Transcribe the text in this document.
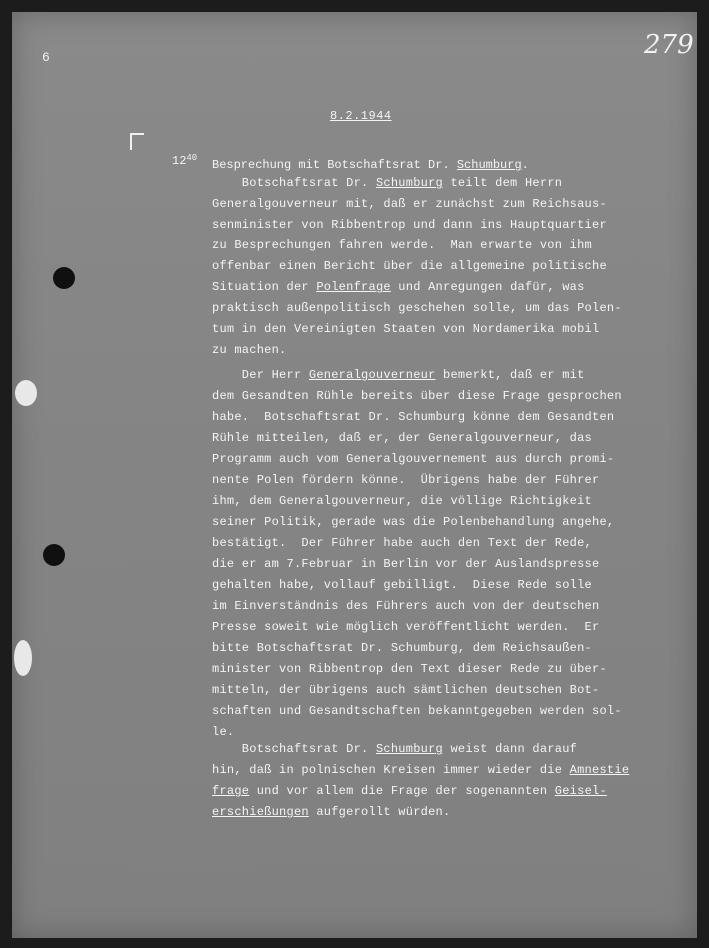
6	279
8.2.1944
$12^{40}$ Besprechung mit Botschaftsrat Dr. Schumburg.
Botschaftsrat Dr. Schumburg teilt dem Herrn
Generalgouverneur mit, daß er zunächst zum Reichsaus-
senminister von Ribbentrop und dann ins Hauptquartier
zu Besprechungen fahren werde.  Man erwarte von ihm
offenbar einen Bericht über die allgemeine politische
Situation der Polenfrage und Anregungen dafür, was
praktisch außenpolitisch geschehen solle, um das Polen-
tum in den Vereinigten Staaten von Nordamerika mobil
zu machen.
Der Herr Generalgouverneur bemerkt, daß er mit
dem Gesandten Rühle bereits über diese Frage gesprochen
habe.  Botschaftsrat Dr. Schumburg könne dem Gesandten
Rühle mitteilen, daß er, der Generalgouverneur, das
Programm auch vom Generalgouvernement aus durch promi-
nente Polen fördern könne.  Übrigens habe der Führer
ihm, dem Generalgouverneur, die völlige Richtigkeit
seiner Politik, gerade was die Polenbehandlung angehe,
bestätigt.  Der Führer habe auch den Text der Rede,
die er am 7.Februar in Berlin vor der Auslandspresse
gehalten habe, vollauf gebilligt.  Diese Rede solle
im Einverständnis des Führers auch von der deutschen
Presse soweit wie möglich veröffentlicht werden.  Er
bitte Botschaftsrat Dr. Schumburg, dem Reichsaußen-
minister von Ribbentrop den Text dieser Rede zu über-
mitteln, der übrigens auch sämtlichen deutschen Bot-
schaften und Gesandtschaften bekanntgegeben werden sol-
le.
Botschaftsrat Dr. Schumburg weist dann darauf
hin, daß in polnischen Kreisen immer wieder die Amnestie
frage und vor allem die Frage der sogenannten Geisel-
erschießungen aufgerollt würden.
